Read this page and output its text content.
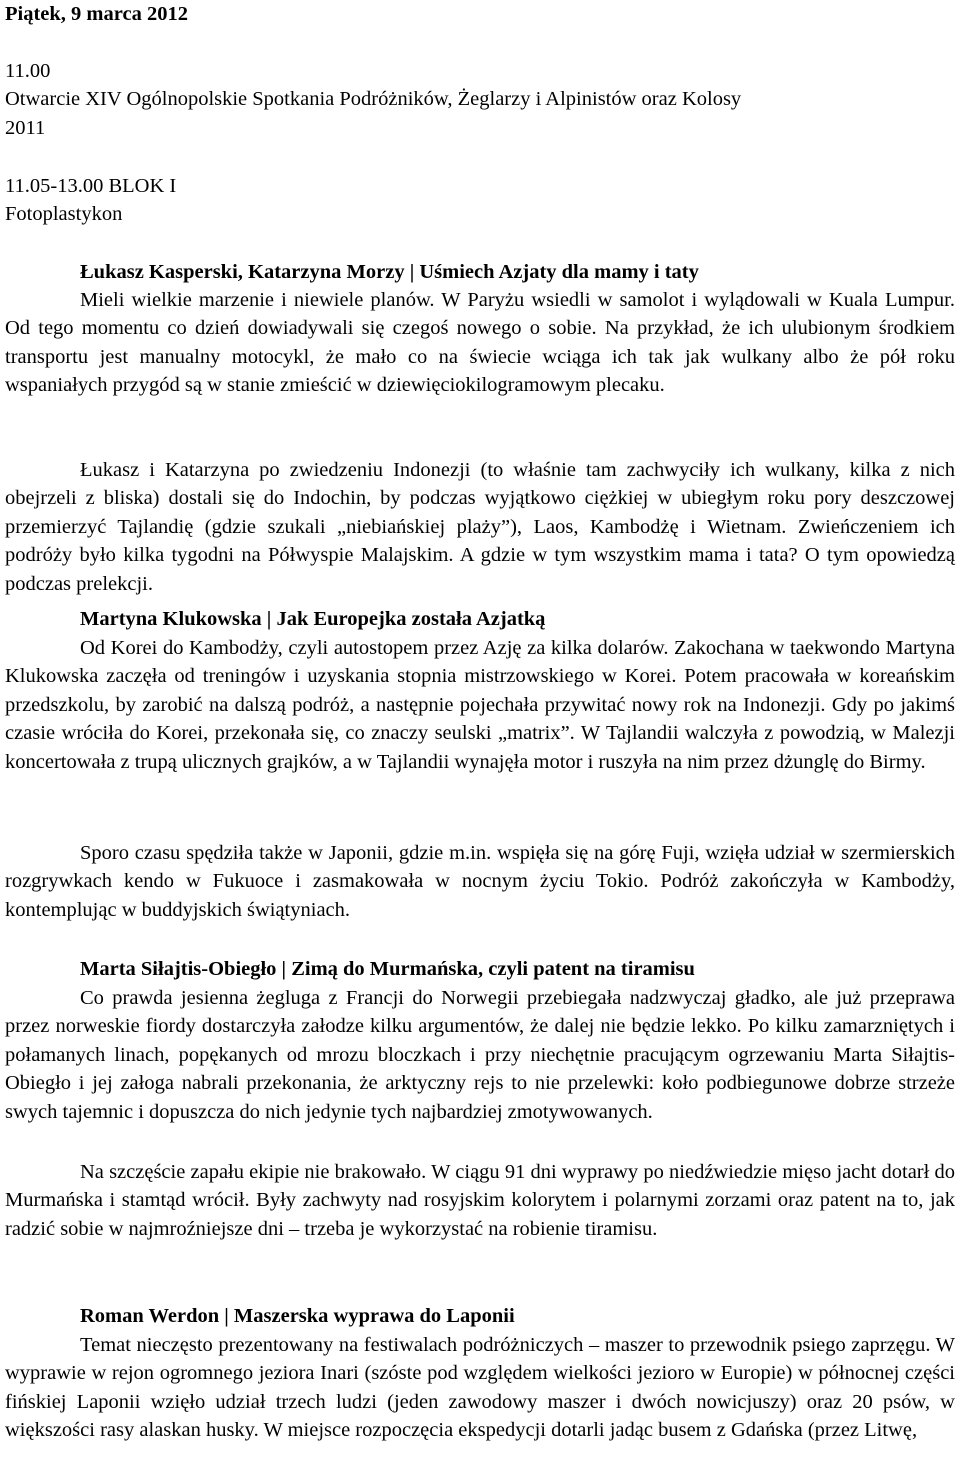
Piątek, 9 marca 2012

11.00

Otwarcie XIV Ogólnopolskie Spotkania Podróżników, Żeglarzy i Alpinistów oraz Kolosy

2011

11.05-13.00 BLOK I

Fotoplastykon

Łukasz Kasperski, Katarzyna Morzy | Uśmiech Azjaty dla mamy i taty

Mieli wielkie marzenie i niewiele planów. W Paryżu wsiedli w samolot i wylądowali w Kuala Lumpur. Od tego momentu co dzień dowiadywali się czegoś nowego o sobie. Na przykład, że ich ulubionym środkiem transportu jest manualny motocykl, że mało co na świecie wciąga ich tak jak wulkany albo że pół roku wspaniałych przygód są w stanie zmieścić w dziewięciokilogramowym plecaku.

Łukasz i Katarzyna po zwiedzeniu Indonezji (to właśnie tam zachwyciły ich wulkany, kilka z nich obejrzeli z bliska) dostali się do Indochin, by podczas wyjątkowo ciężkiej w ubiegłym roku pory deszczowej przemierzyć Tajlandię (gdzie szukali „niebiańskiej plaży”), Laos, Kambodżę i Wietnam. Zwieńczeniem ich podróży było kilka tygodni na Półwyspie Malajskim. A gdzie w tym wszystkim mama i tata? O tym opowiedzą podczas prelekcji.

Martyna Klukowska | Jak Europejka została Azjatką

Od Korei do Kambodży, czyli autostopem przez Azję za kilka dolarów. Zakochana w taekwondo Martyna Klukowska zaczęła od treningów i uzyskania stopnia mistrzowskiego w Korei. Potem pracowała w koreańskim przedszkolu, by zarobić na dalszą podróż, a następnie pojechała przywitać nowy rok na Indonezji. Gdy po jakimś czasie wróciła do Korei, przekonała się, co znaczy seulski „matrix”. W Tajlandii walczyła z powodzią, w Malezji koncertowała z trupą ulicznych grajków, a w Tajlandii wynajęła motor i ruszyła na nim przez dżunglę do Birmy.

Sporo czasu spędziła także w Japonii, gdzie m.in. wspięła się na górę Fuji, wzięła udział w szermierskich rozgrywkach kendo w Fukuoce i zasmakowała w nocnym życiu Tokio. Podróż zakończyła w Kambodży, kontemplując w buddyjskich świątyniach.

Marta Siłajtis-Obiegło | Zimą do Murmańska, czyli patent na tiramisu

Co prawda jesienna żegluga z Francji do Norwegii przebiegała nadzwyczaj gładko, ale już przeprawa przez norweskie fiordy dostarczyła załodze kilku argumentów, że dalej nie będzie lekko. Po kilku zamarzniętych i połamanych linach, popękanych od mrozu bloczkach i przy niechętnie pracującym ogrzewaniu Marta Siłajtis-Obiegło i jej załoga nabrali przekonania, że arktyczny rejs to nie przelewki: koło podbiegunowe dobrze strzeże swych tajemnic i dopuszcza do nich jedynie tych najbardziej zmotywowanych.

Na szczęście zapału ekipie nie brakowało. W ciągu 91 dni wyprawy po niedźwiedzie mięso jacht dotarł do Murmańska i stamtąd wrócił. Były zachwyty nad rosyjskim kolorytem i polarnymi zorzami oraz patent na to, jak radzić sobie w najmroźniejsze dni – trzeba je wykorzystać na robienie tiramisu.

Roman Werdon | Maszerska wyprawa do Laponii

Temat nieczęsto prezentowany na festiwalach podróżniczych – maszer to przewodnik psiego zaprzęgu. W wyprawie w rejon ogromnego jeziora Inari (szóste pod względem wielkości jezioro w Europie) w północnej części fińskiej Laponii wzięło udział trzech ludzi (jeden zawodowy maszer i dwóch nowicjuszy) oraz 20 psów, w większości rasy alaskan husky. W miejsce rozpoczęcia ekspedycji dotarli jadąc busem z Gdańska (przez Litwę,
